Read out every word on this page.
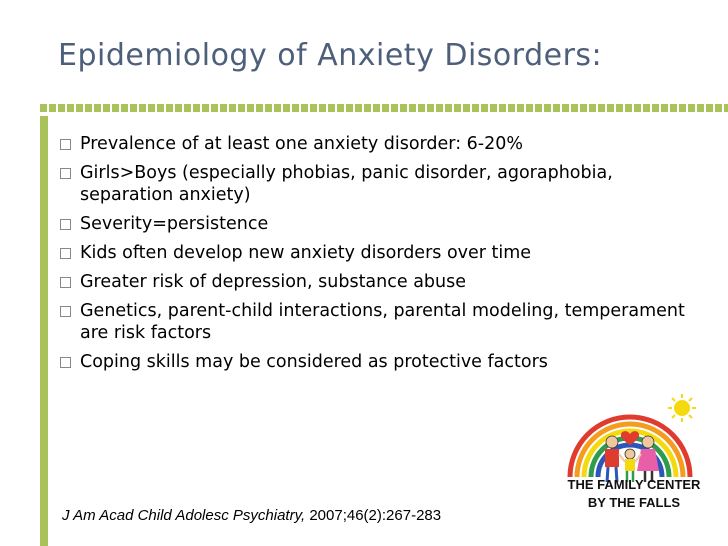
Epidemiology of Anxiety Disorders:
Prevalence of at least one anxiety disorder: 6-20%
Girls>Boys (especially phobias, panic disorder, agoraphobia, separation anxiety)
Severity=persistence
Kids often develop new anxiety disorders over time
Greater risk of depression, substance abuse
Genetics, parent-child interactions, parental modeling, temperament are risk factors
Coping skills may be considered as protective factors
THE FAMILY CENTER
BY THE FALLS
J Am Acad Child Adolesc Psychiatry, 2007;46(2):267-283
